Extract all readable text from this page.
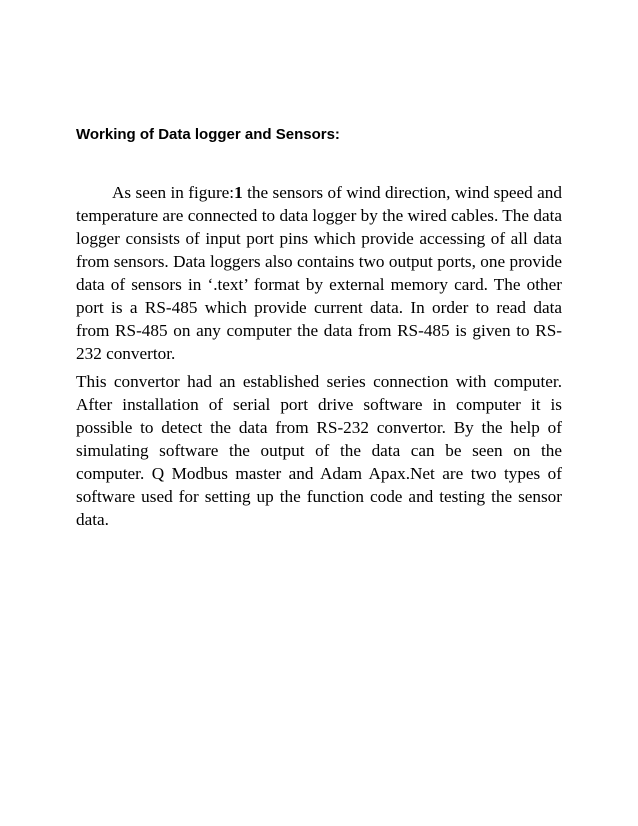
Working of Data logger and Sensors:

As seen in figure:1 the sensors of wind direction, wind speed and temperature are connected to data logger by the wired cables. The data logger consists of input port pins which provide accessing of all data from sensors. Data loggers also contains two output ports, one provide data of sensors in ‘.text’ format by external memory card. The other port is a RS-485 which provide current data. In order to read data from RS-485 on any computer the data from RS-485 is given to RS-232 convertor.

This convertor had an established series connection with computer. After installation of serial port drive software in computer it is possible to detect the data from RS-232 convertor. By the help of simulating software the output of the data can be seen on the computer. Q Modbus master and Adam Apax.Net are two types of software used for setting up the function code and testing the sensor data.
